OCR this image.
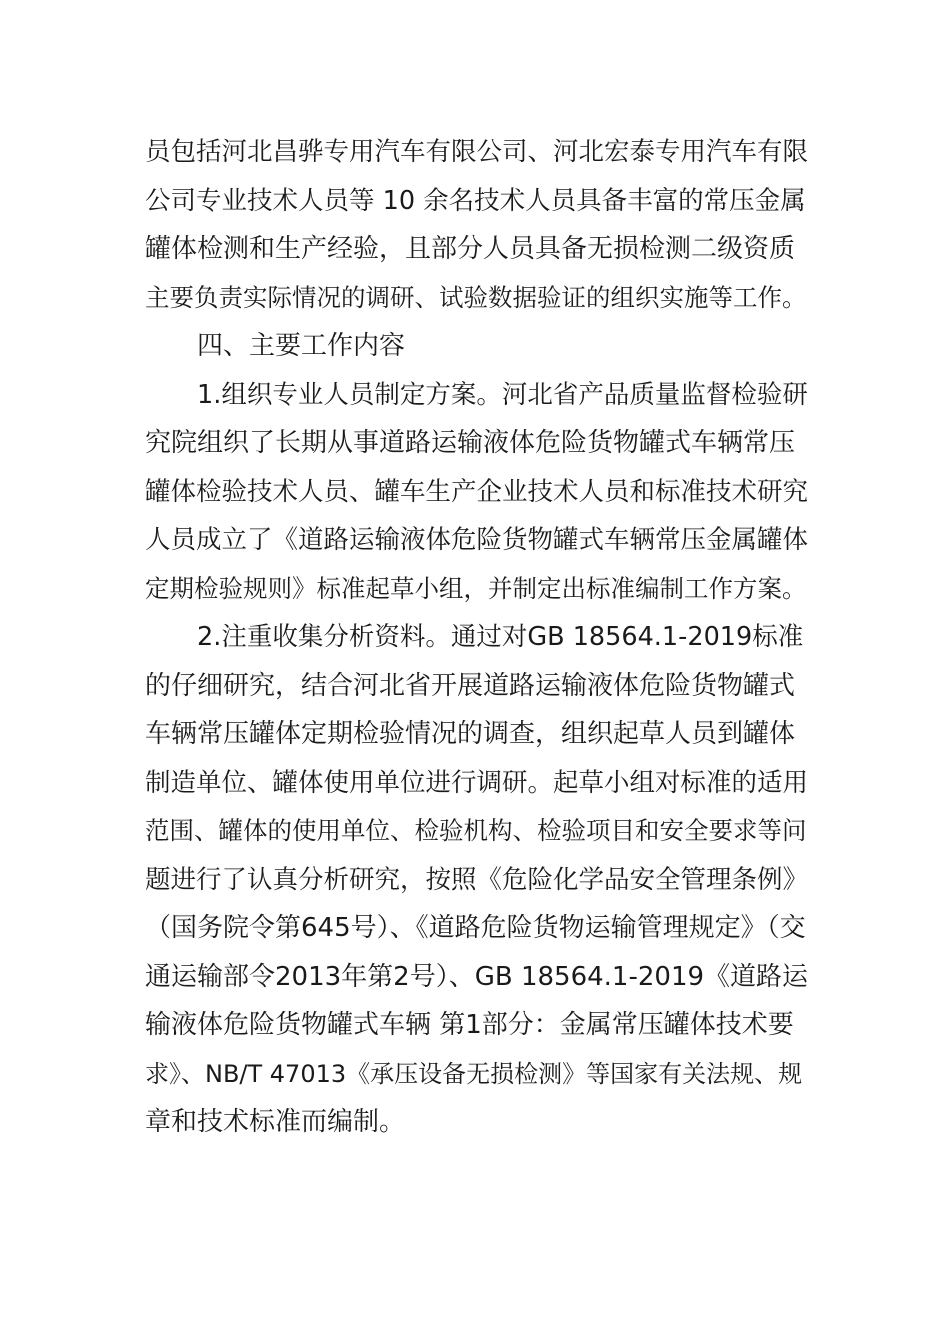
员包括河北昌骅专用汽车有限公司、河北宏泰专用汽车有限
公司专业技术人员等 10 余名技术人员具备丰富的常压金属
罐体检测和生产经验，且部分人员具备无损检测二级资质
主要负责实际情况的调研、试验数据验证的组织实施等工作。
四、主要工作内容
1.组织专业人员制定方案。河北省产品质量监督检验研
究院组织了长期从事道路运输液体危险货物罐式车辆常压
罐体检验技术人员、罐车生产企业技术人员和标准技术研究
人员成立了《道路运输液体危险货物罐式车辆常压金属罐体
定期检验规则》标准起草小组，并制定出标准编制工作方案。
2.注重收集分析资料。通过对GB 18564.1-2019标准
的仔细研究，结合河北省开展道路运输液体危险货物罐式
车辆常压罐体定期检验情况的调查，组织起草人员到罐体
制造单位、罐体使用单位进行调研。起草小组对标准的适用
范围、罐体的使用单位、检验机构、检验项目和安全要求等问
题进行了认真分析研究，按照《危险化学品安全管理条例》
（国务院令第645号）、《道路危险货物运输管理规定》（交
通运输部令2013年第2号）、GB 18564.1-2019《道路运
输液体危险货物罐式车辆 第1部分：金属常压罐体技术要
求》、NB/T 47013《承压设备无损检测》等国家有关法规、规
章和技术标准而编制。
